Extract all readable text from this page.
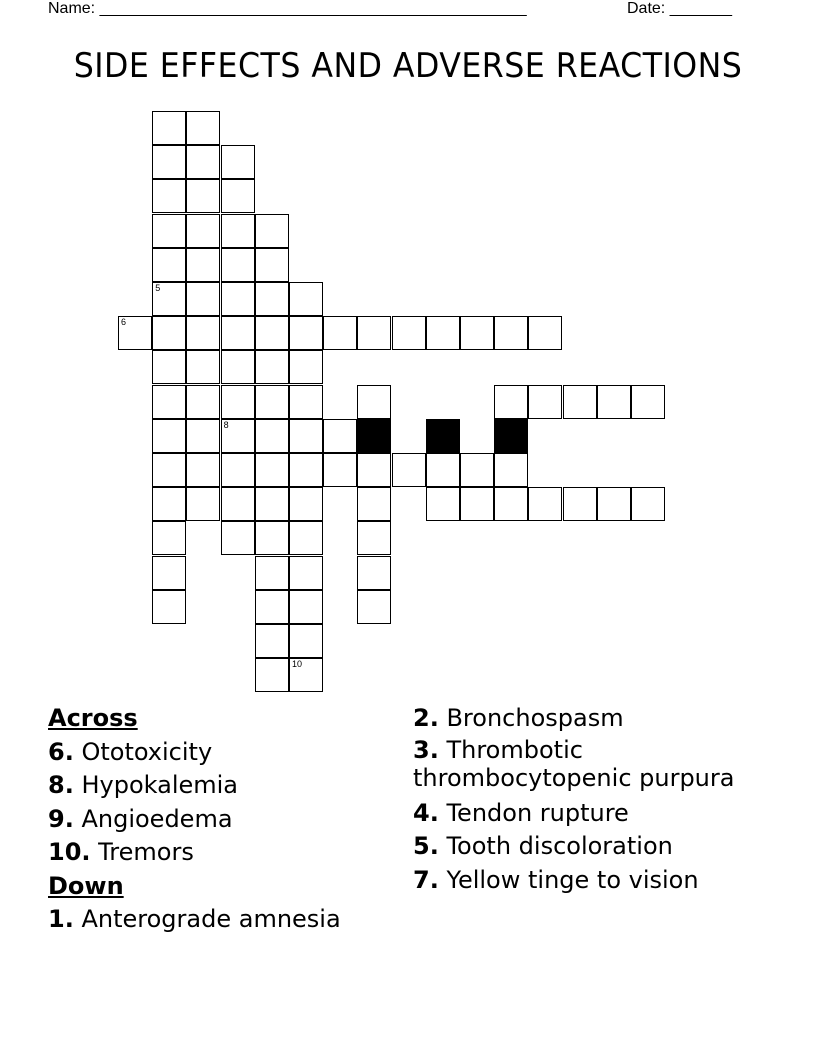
Name: ________________________________________________	Date: _______
SIDE EFFECTS AND ADVERSE REACTIONS
5
8
10
6
Across
6. Ototoxicity
8. Hypokalemia
9. Angioedema
10. Tremors
Down
1. Anterograde amnesia
2. Bronchospasm
3. Thrombotic
thrombocytopenic purpura
4. Tendon rupture
5. Tooth discoloration
7. Yellow tinge to vision
